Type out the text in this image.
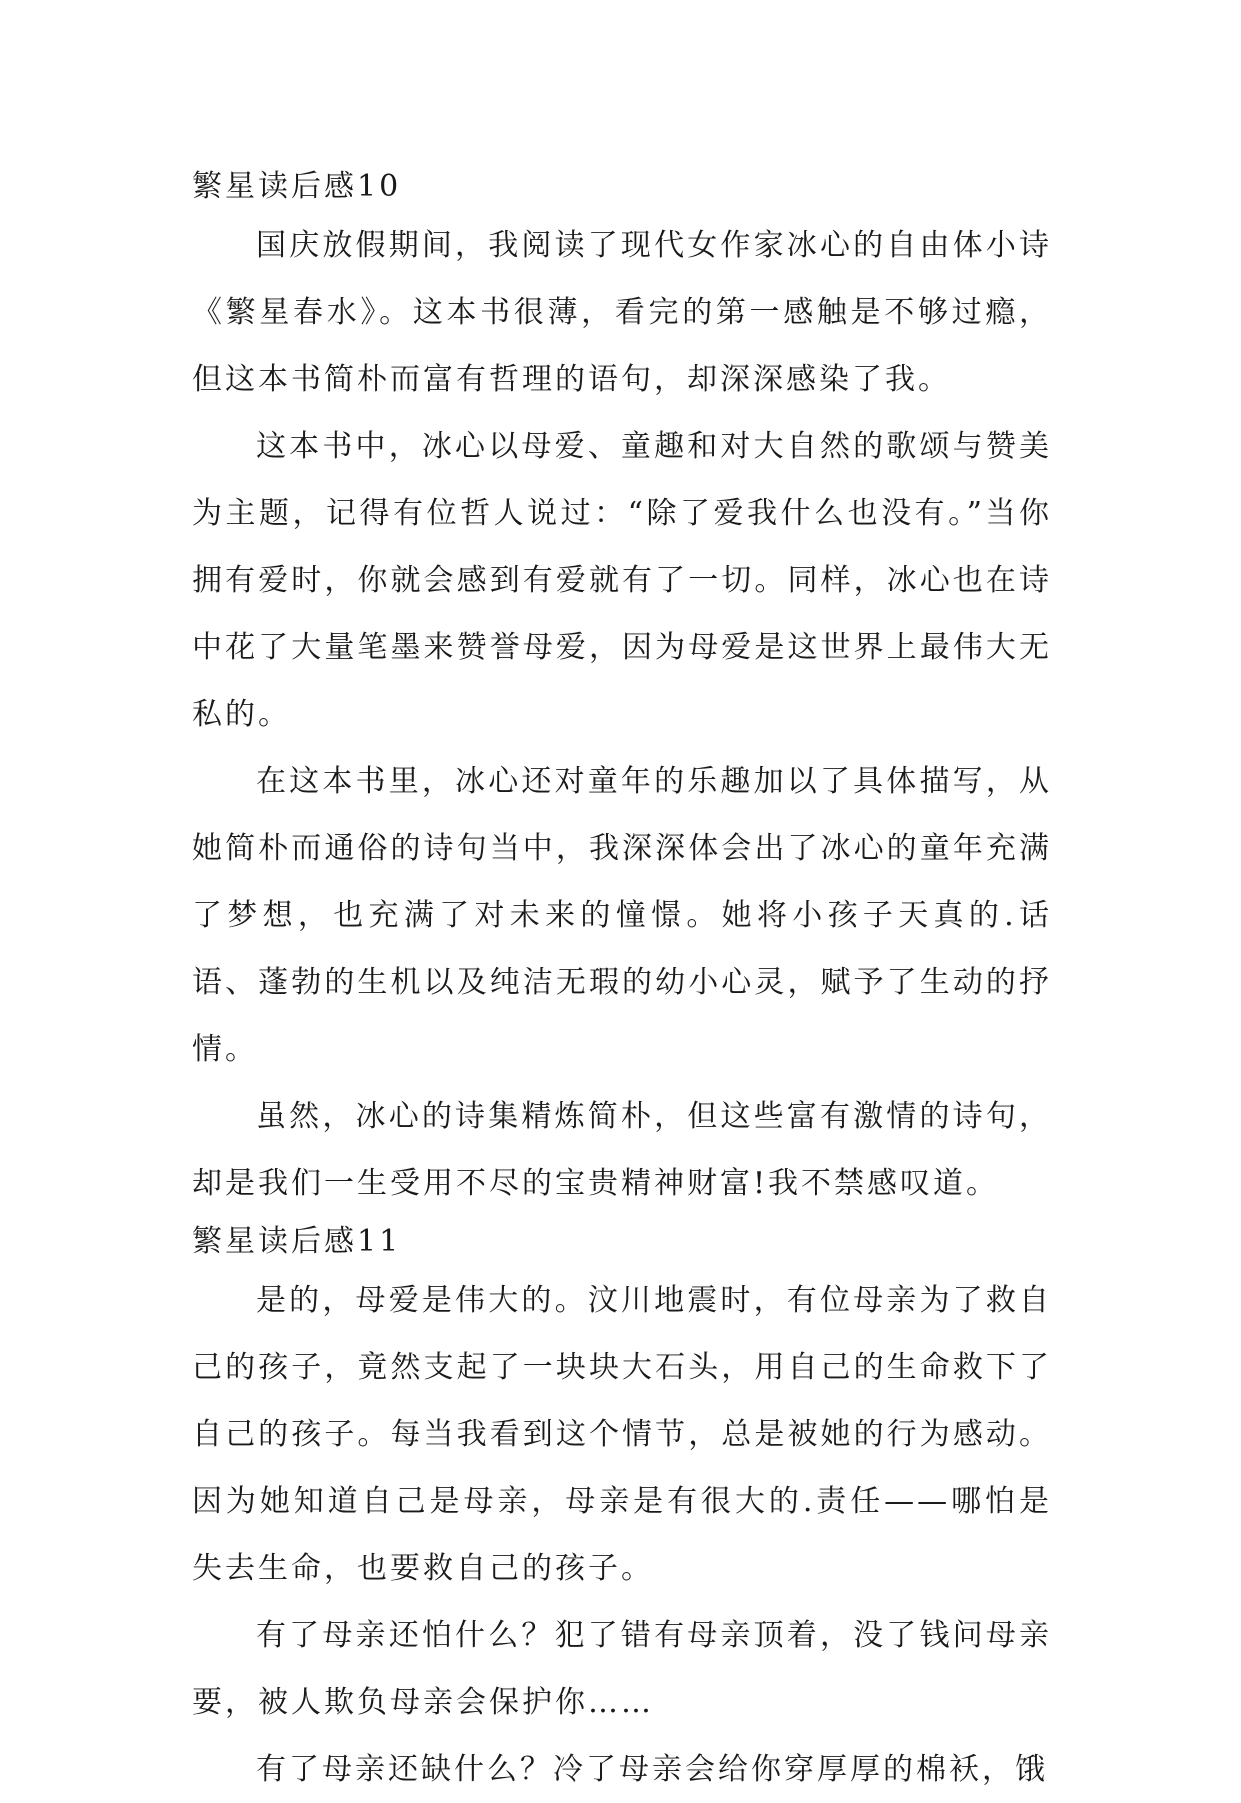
繁星读后感10

国庆放假期间，我阅读了现代女作家冰心的自由体小诗《繁星春水》。这本书很薄，看完的第一感触是不够过瘾，但这本书简朴而富有哲理的语句，却深深感染了我。

这本书中，冰心以母爱、童趣和对大自然的歌颂与赞美为主题，记得有位哲人说过：“除了爱我什么也没有。”当你拥有爱时，你就会感到有爱就有了一切。同样，冰心也在诗中花了大量笔墨来赞誉母爱，因为母爱是这世界上最伟大无私的。

在这本书里，冰心还对童年的乐趣加以了具体描写，从她简朴而通俗的诗句当中，我深深体会出了冰心的童年充满了梦想，也充满了对未来的憧憬。她将小孩子天真的.话语、蓬勃的生机以及纯洁无瑕的幼小心灵，赋予了生动的抒情。

虽然，冰心的诗集精炼简朴，但这些富有激情的诗句，却是我们一生受用不尽的宝贵精神财富!我不禁感叹道。

繁星读后感11

是的，母爱是伟大的。汶川地震时，有位母亲为了救自己的孩子，竟然支起了一块块大石头，用自己的生命救下了自己的孩子。每当我看到这个情节，总是被她的行为感动。因为她知道自己是母亲，母亲是有很大的.责任——哪怕是失去生命，也要救自己的孩子。

有了母亲还怕什么？犯了错有母亲顶着，没了钱问母亲要，被人欺负母亲会保护你……

有了母亲还缺什么？冷了母亲会给你穿厚厚的棉袄，饿
